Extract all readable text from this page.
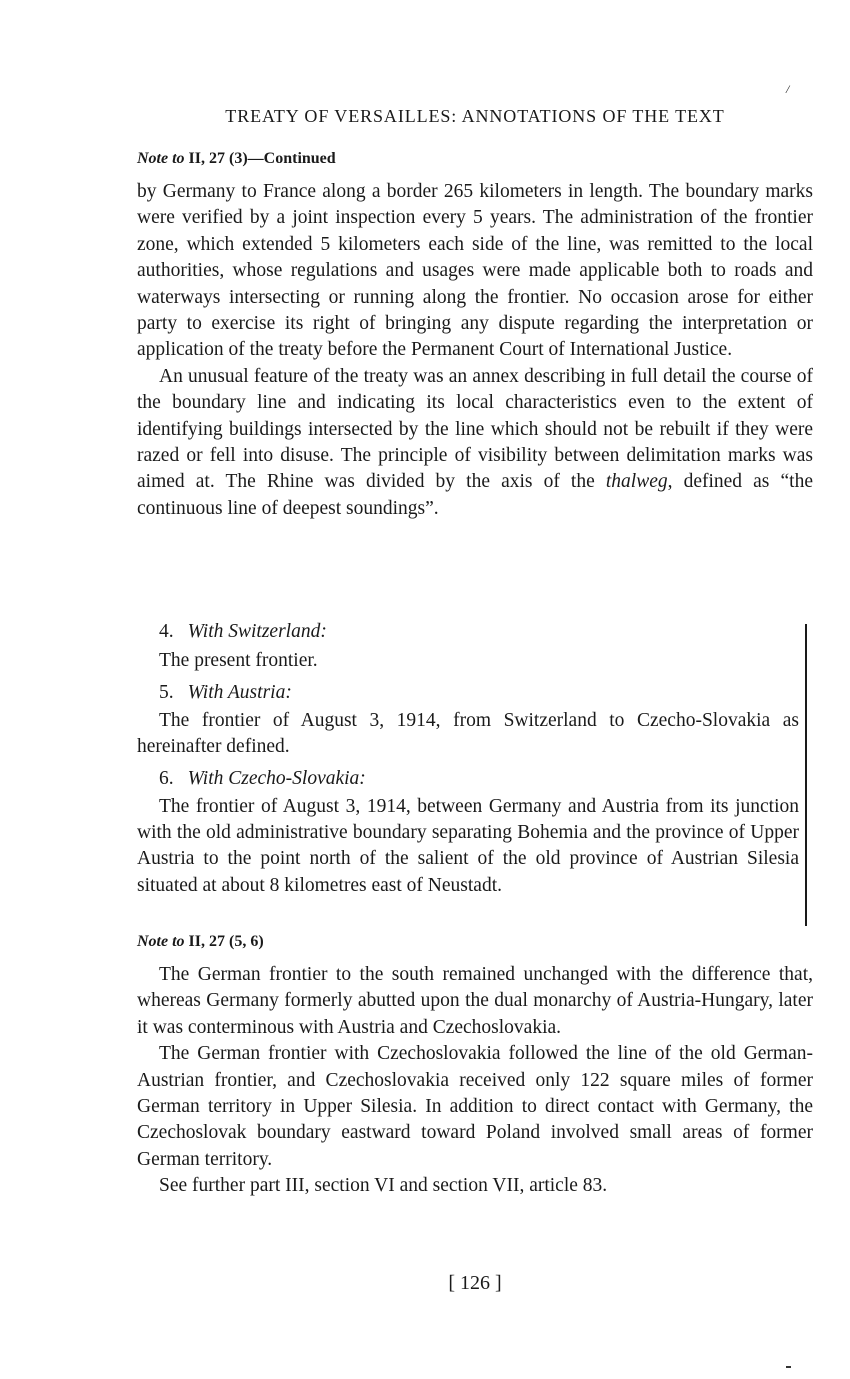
/
TREATY OF VERSAILLES: ANNOTATIONS OF THE TEXT
Note to II, 27 (3)—Continued

by Germany to France along a border 265 kilometers in length. The boundary marks were verified by a joint inspection every 5 years. The administration of the frontier zone, which extended 5 kilometers each side of the line, was remitted to the local authorities, whose regulations and usages were made applicable both to roads and waterways intersecting or running along the frontier. No occasion arose for either party to exercise its right of bringing any dispute regarding the interpretation or application of the treaty before the Permanent Court of International Justice.

An unusual feature of the treaty was an annex describing in full detail the course of the boundary line and indicating its local characteristics even to the extent of identifying buildings intersected by the line which should not be rebuilt if they were razed or fell into disuse. The principle of visibility between delimitation marks was aimed at. The Rhine was divided by the axis of the thalweg, defined as “the continuous line of deepest soundings”.

4. With Switzerland:
The present frontier.
5. With Austria:
The frontier of August 3, 1914, from Switzerland to Czecho-Slovakia as hereinafter defined.
6. With Czecho-Slovakia:
The frontier of August 3, 1914, between Germany and Austria from its junction with the old administrative boundary separating Bohemia and the province of Upper Austria to the point north of the salient of the old province of Austrian Silesia situated at about 8 kilometres east of Neustadt.
Note to II, 27 (5, 6)

The German frontier to the south remained unchanged with the difference that, whereas Germany formerly abutted upon the dual monarchy of Austria-Hungary, later it was conterminous with Austria and Czechoslovakia.

The German frontier with Czechoslovakia followed the line of the old German-Austrian frontier, and Czechoslovakia received only 122 square miles of former German territory in Upper Silesia. In addition to direct contact with Germany, the Czechoslovak boundary eastward toward Poland involved small areas of former German territory.

See further part III, section VI and section VII, article 83.

[ 126 ]
